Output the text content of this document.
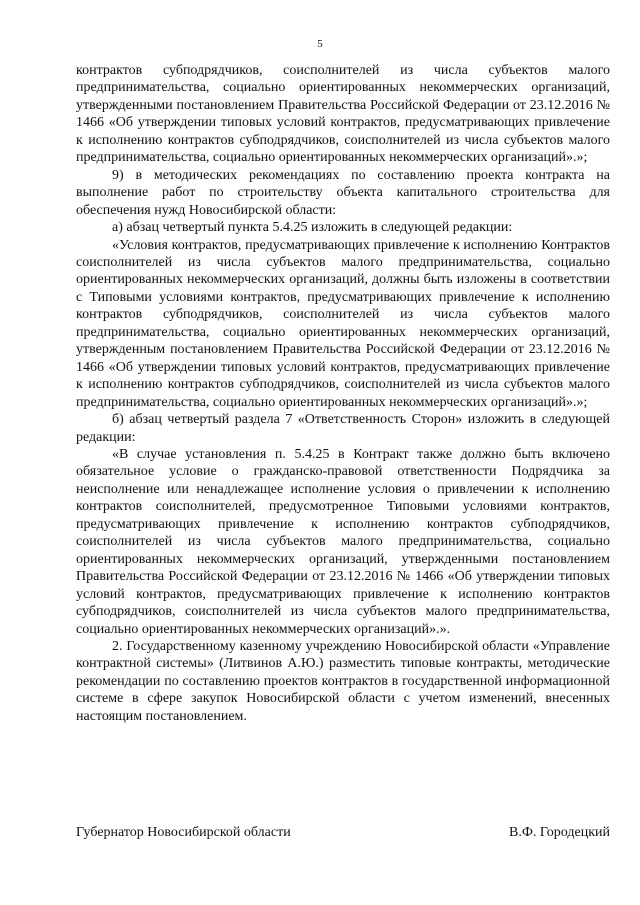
5

контрактов субподрядчиков, соисполнителей из числа субъектов малого предпринимательства, социально ориентированных некоммерческих организаций, утвержденными постановлением Правительства Российской Федерации от 23.12.2016 № 1466 «Об утверждении типовых условий контрактов, предусматривающих привлечение к исполнению контрактов субподрядчиков, соисполнителей из числа субъектов малого предпринимательства, социально ориентированных некоммерческих организаций».»;

9) в методических рекомендациях по составлению проекта контракта на выполнение работ по строительству объекта капитального строительства для обеспечения нужд Новосибирской области:

а) абзац четвертый пункта 5.4.25 изложить в следующей редакции:

«Условия контрактов, предусматривающих привлечение к исполнению Контрактов соисполнителей из числа субъектов малого предпринимательства, социально ориентированных некоммерческих организаций, должны быть изложены в соответствии с Типовыми условиями контрактов, предусматривающих привлечение к исполнению контрактов субподрядчиков, соисполнителей из числа субъектов малого предпринимательства, социально ориентированных некоммерческих организаций, утвержденным постановлением Правительства Российской Федерации от 23.12.2016 № 1466 «Об утверждении типовых условий контрактов, предусматривающих привлечение к исполнению контрактов субподрядчиков, соисполнителей из числа субъектов малого предпринимательства, социально ориентированных некоммерческих организаций».»;

б) абзац четвертый раздела 7 «Ответственность Сторон» изложить в следующей редакции:

«В случае установления п. 5.4.25 в Контракт также должно быть включено обязательное условие о гражданско-правовой ответственности Подрядчика за неисполнение или ненадлежащее исполнение условия о привлечении к исполнению контрактов соисполнителей, предусмотренное Типовыми условиями контрактов, предусматривающих привлечение к исполнению контрактов субподрядчиков, соисполнителей из числа субъектов малого предпринимательства, социально ориентированных некоммерческих организаций, утвержденными постановлением Правительства Российской Федерации от 23.12.2016 № 1466 «Об утверждении типовых условий контрактов, предусматривающих привлечение к исполнению контрактов субподрядчиков, соисполнителей из числа субъектов малого предпринимательства, социально ориентированных некоммерческих организаций».».

2. Государственному казенному учреждению Новосибирской области «Управление контрактной системы» (Литвинов А.Ю.) разместить типовые контракты, методические рекомендации по составлению проектов контрактов в государственной информационной системе в сфере закупок Новосибирской области с учетом изменений, внесенных настоящим постановлением.

Губернатор Новосибирской области	В.Ф. Городецкий
